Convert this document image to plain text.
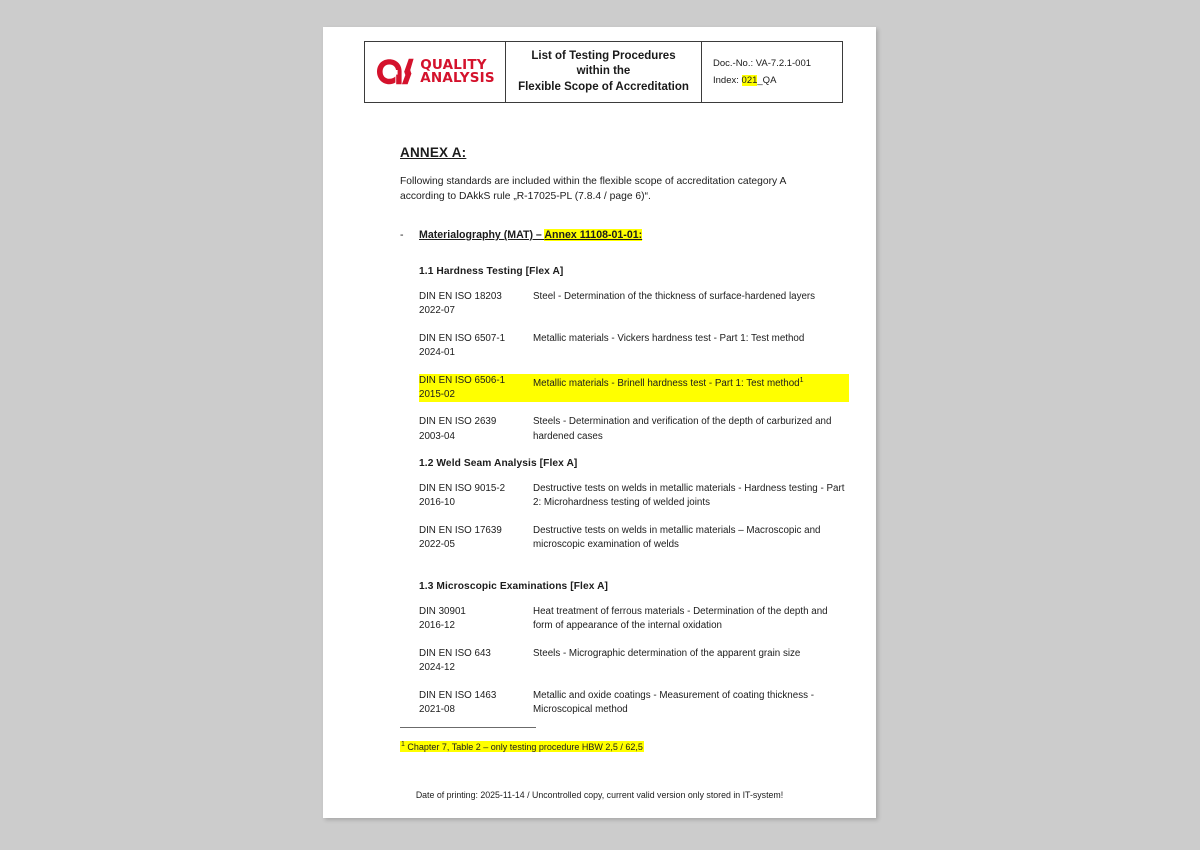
QUALITY
ANALYSIS
List of Testing Procedures
within the
Flexible Scope of Accreditation
Doc.-No.: VA-7.2.1-001
Index: 021_QA
ANNEX A:
Following standards are included within the flexible scope of accreditation category A according to DAkkS rule „R-17025-PL (7.8.4 / page 6)“.
- Materialography (MAT) – Annex 11108-01-01:
1.1 Hardness Testing [Flex A]
DIN EN ISO 18203
2022-07
Steel - Determination of the thickness of surface-hardened layers
DIN EN ISO 6507-1
2024-01
Metallic materials - Vickers hardness test - Part 1: Test method
DIN EN ISO 6506-1
2015-02
Metallic materials - Brinell hardness test - Part 1: Test method$^1$
DIN EN ISO 2639
2003-04
Steels - Determination and verification of the depth of carburized and hardened cases
1.2 Weld Seam Analysis [Flex A]
DIN EN ISO 9015-2
2016-10
Destructive tests on welds in metallic materials - Hardness testing - Part 2: Microhardness testing of welded joints
DIN EN ISO 17639
2022-05
Destructive tests on welds in metallic materials – Macroscopic and microscopic examination of welds
1.3 Microscopic Examinations [Flex A]
DIN 30901
2016-12
Heat treatment of ferrous materials - Determination of the depth and form of appearance of the internal oxidation
DIN EN ISO 643
2024-12
Steels - Micrographic determination of the apparent grain size
DIN EN ISO 1463
2021-08
Metallic and oxide coatings - Measurement of coating thickness - Microscopical method
$^1$ Chapter 7, Table 2 – only testing procedure HBW 2,5 / 62,5
Date of printing: 2025-11-14 / Uncontrolled copy, current valid version only stored in IT-system!
